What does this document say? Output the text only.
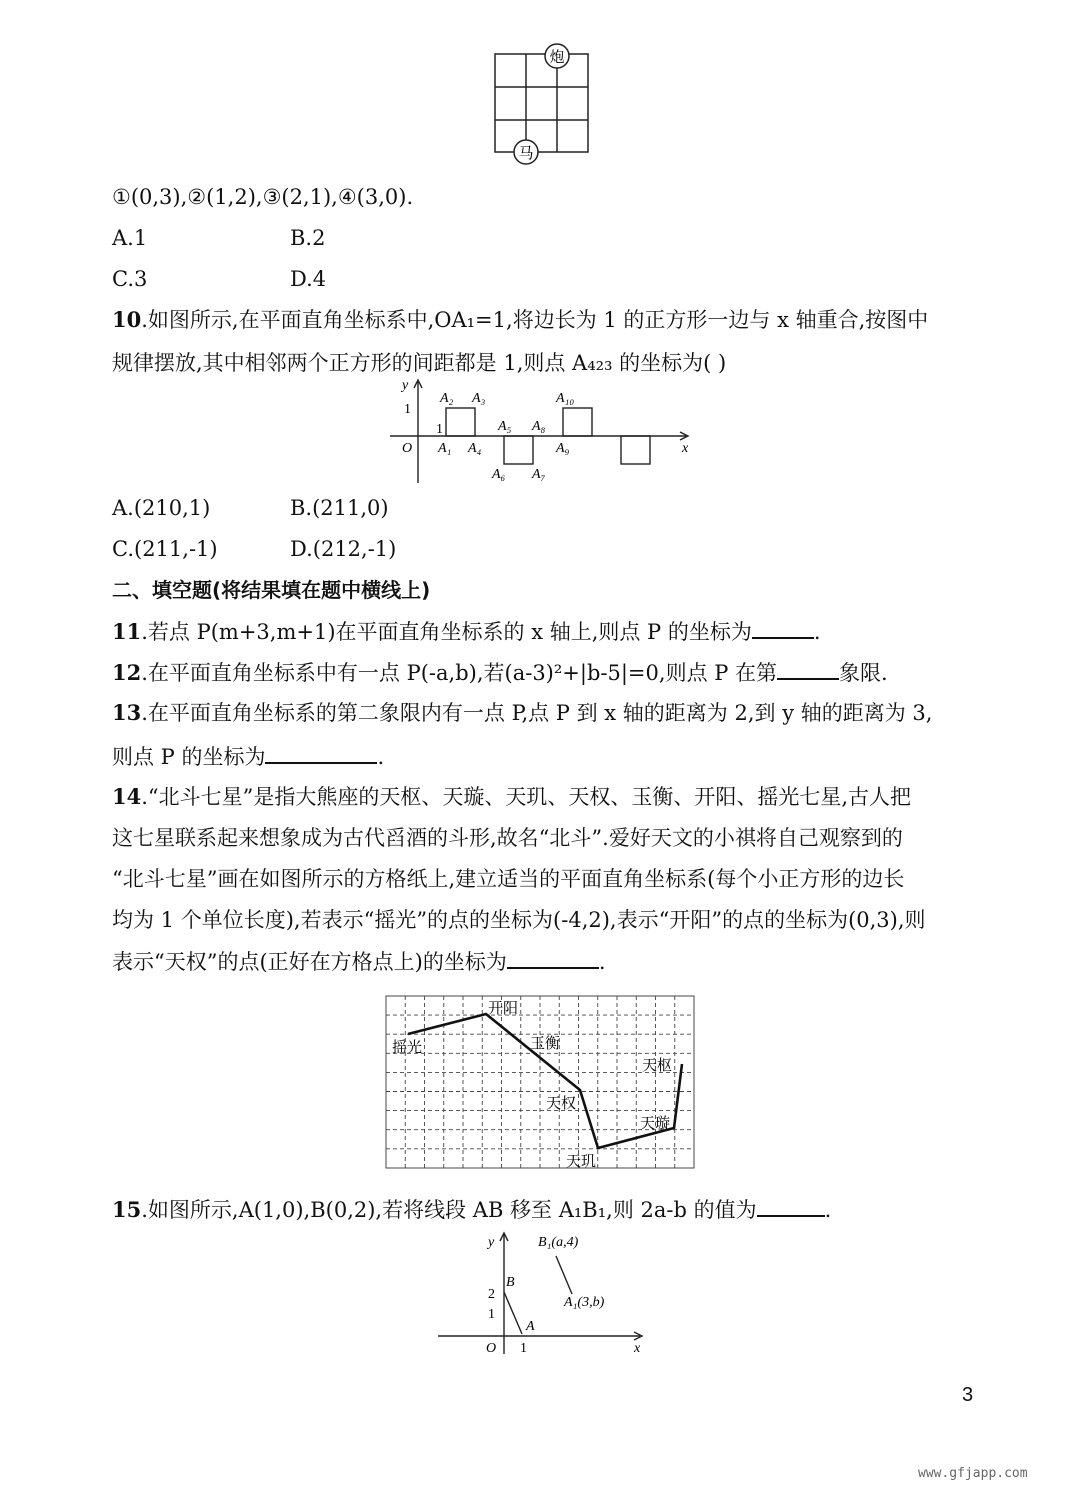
炮
马
①(0,3),②(1,2),③(2,1),④(3,0).
A.1	B.2
C.3	D.4
10.如图所示,在平面直角坐标系中,OA₁=1,将边长为 1 的正方形一边与 x 轴重合,按图中
规律摆放,其中相邻两个正方形的间距都是 1,则点 A₄₂₃ 的坐标为( )
y
x
O
A₂ A₃
A₁ A₄
A₅ A₈
A₆ A₇
A₁₀
A₉
1
1
A.(210,1)	B.(211,0)
C.(211,-1)	D.(212,-1)
二、填空题(将结果填在题中横线上)
11.若点 P(m+3,m+1)在平面直角坐标系的 x 轴上,则点 P 的坐标为	.
12.在平面直角坐标系中有一点 P(-a,b),若(a-3)²+|b-5|=0,则点 P 在第	象限.
13.在平面直角坐标系的第二象限内有一点 P,点 P 到 x 轴的距离为 2,到 y 轴的距离为 3,
则点 P 的坐标为	.
14.“北斗七星”是指大熊座的天枢、天璇、天玑、天权、玉衡、开阳、摇光七星,古人把
这七星联系起来想象成为古代舀酒的斗形,故名“北斗”.爱好天文的小祺将自己观察到的
“北斗七星”画在如图所示的方格纸上,建立适当的平面直角坐标系(每个小正方形的边长
均为 1 个单位长度),若表示“摇光”的点的坐标为(-4,2),表示“开阳”的点的坐标为(0,3),则
表示“天权”的点(正好在方格点上)的坐标为	.
开阳
摇光	玉衡
天权
天玑
天璇
天枢
15.如图所示,A(1,0),B(0,2),若将线段 AB 移至 A₁B₁,则 2a-b 的值为	.
y
x
O
2
1
1
B
A
B₁(a,4)
A₁(3,b)
3
www.gfjapp.com
